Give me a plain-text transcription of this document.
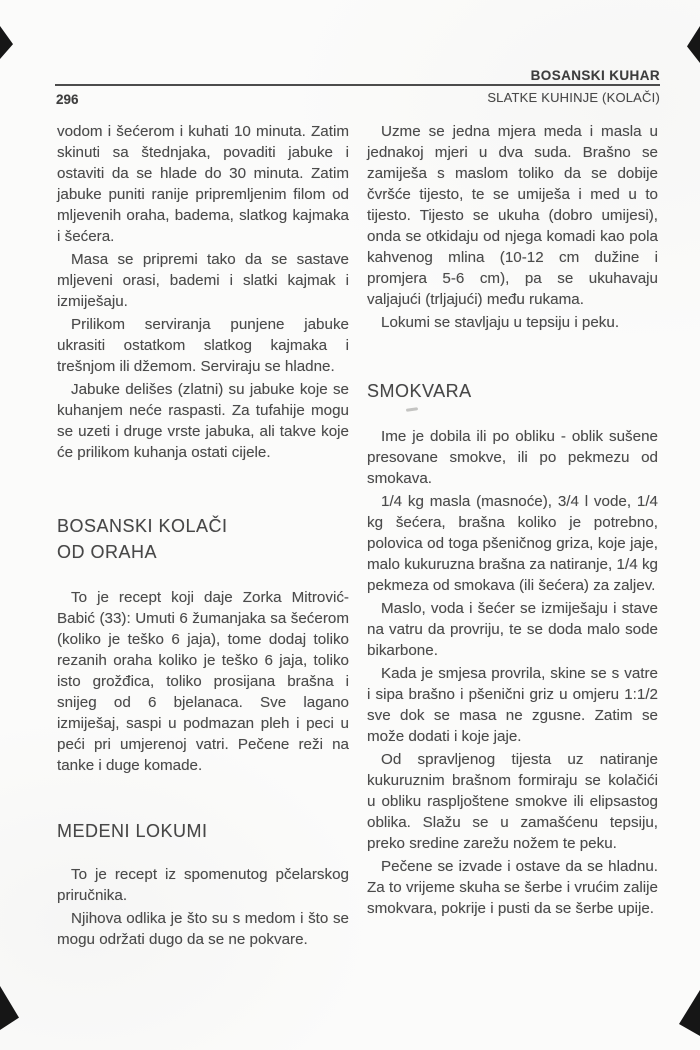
BOSANSKI KUHAR
296	SLATKE KUHINJE (KOLAČI)

vodom i šećerom i kuhati 10 minuta. Zatim skinuti sa štednjaka, povaditi jabuke i ostaviti da se hlade do 30 minuta. Zatim jabuke puniti ranije pripremljenim filom od mljevenih oraha, badema, slatkog kajmaka i šećera.

Masa se pripremi tako da se sastave mljeveni orasi, bademi i slatki kajmak i izmiješaju.

Prilikom serviranja punjene jabuke ukrasiti ostatkom slatkog kajmaka i trešnjom ili džemom. Serviraju se hladne.

Jabuke delišes (zlatni) su jabuke koje se kuhanjem neće raspasti. Za tufahije mogu se uzeti i druge vrste jabuka, ali takve koje će prilikom kuhanja ostati cijele.

BOSANSKI KOLAČI
OD ORAHA

To je recept koji daje Zorka Mitrović-Babić (33): Umuti 6 žumanjaka sa šećerom (koliko je teško 6 jaja), tome dodaj toliko rezanih oraha koliko je teško 6 jaja, toliko isto grožđica, toliko prosijana brašna i snijeg od 6 bjelanaca. Sve lagano izmiješaj, saspi u podmazan pleh i peci u peći pri umjerenoj vatri. Pečene reži na tanke i duge komade.

MEDENI LOKUMI

To je recept iz spomenutog pčelarskog priručnika.

Njihova odlika je što su s medom i što se mogu održati dugo da se ne pokvare.

Uzme se jedna mjera meda i masla u jednakoj mjeri u dva suda. Brašno se zamiješa s maslom toliko da se dobije čvršće tijesto, te se umiješa i med u to tijesto. Tijesto se ukuha (dobro umijesi), onda se otkidaju od njega komadi kao pola kahvenog mlina (10-12 cm dužine i promjera 5-6 cm), pa se ukuhavaju valjajući (trljajući) među rukama.

Lokumi se stavljaju u tepsiju i peku.

SMOKVARA

Ime je dobila ili po obliku - oblik sušene presovane smokve, ili po pekmezu od smokava.

1/4 kg masla (masnoće), 3/4 l vode, 1/4 kg šećera, brašna koliko je potrebno, polovica od toga pšeničnog griza, koje jaje, malo kukuruzna brašna za natiranje, 1/4 kg pekmeza od smokava (ili šećera) za zaljev.

Maslo, voda i šećer se izmiješaju i stave na vatru da provriju, te se doda malo sode bikarbone.

Kada je smjesa provrila, skine se s vatre i sipa brašno i pšenični griz u omjeru 1:1/2 sve dok se masa ne zgusne. Zatim se može dodati i koje jaje.

Od spravljenog tijesta uz natiranje kukuruznim brašnom formiraju se kolačići u obliku raspljoštene smokve ili elipsastog oblika. Slažu se u zamašćenu tepsiju, preko sredine zarežu nožem te peku.

Pečene se izvade i ostave da se hladnu. Za to vrijeme skuha se šerbe i vrućim zalije smokvara, pokrije i pusti da se šerbe upije.
